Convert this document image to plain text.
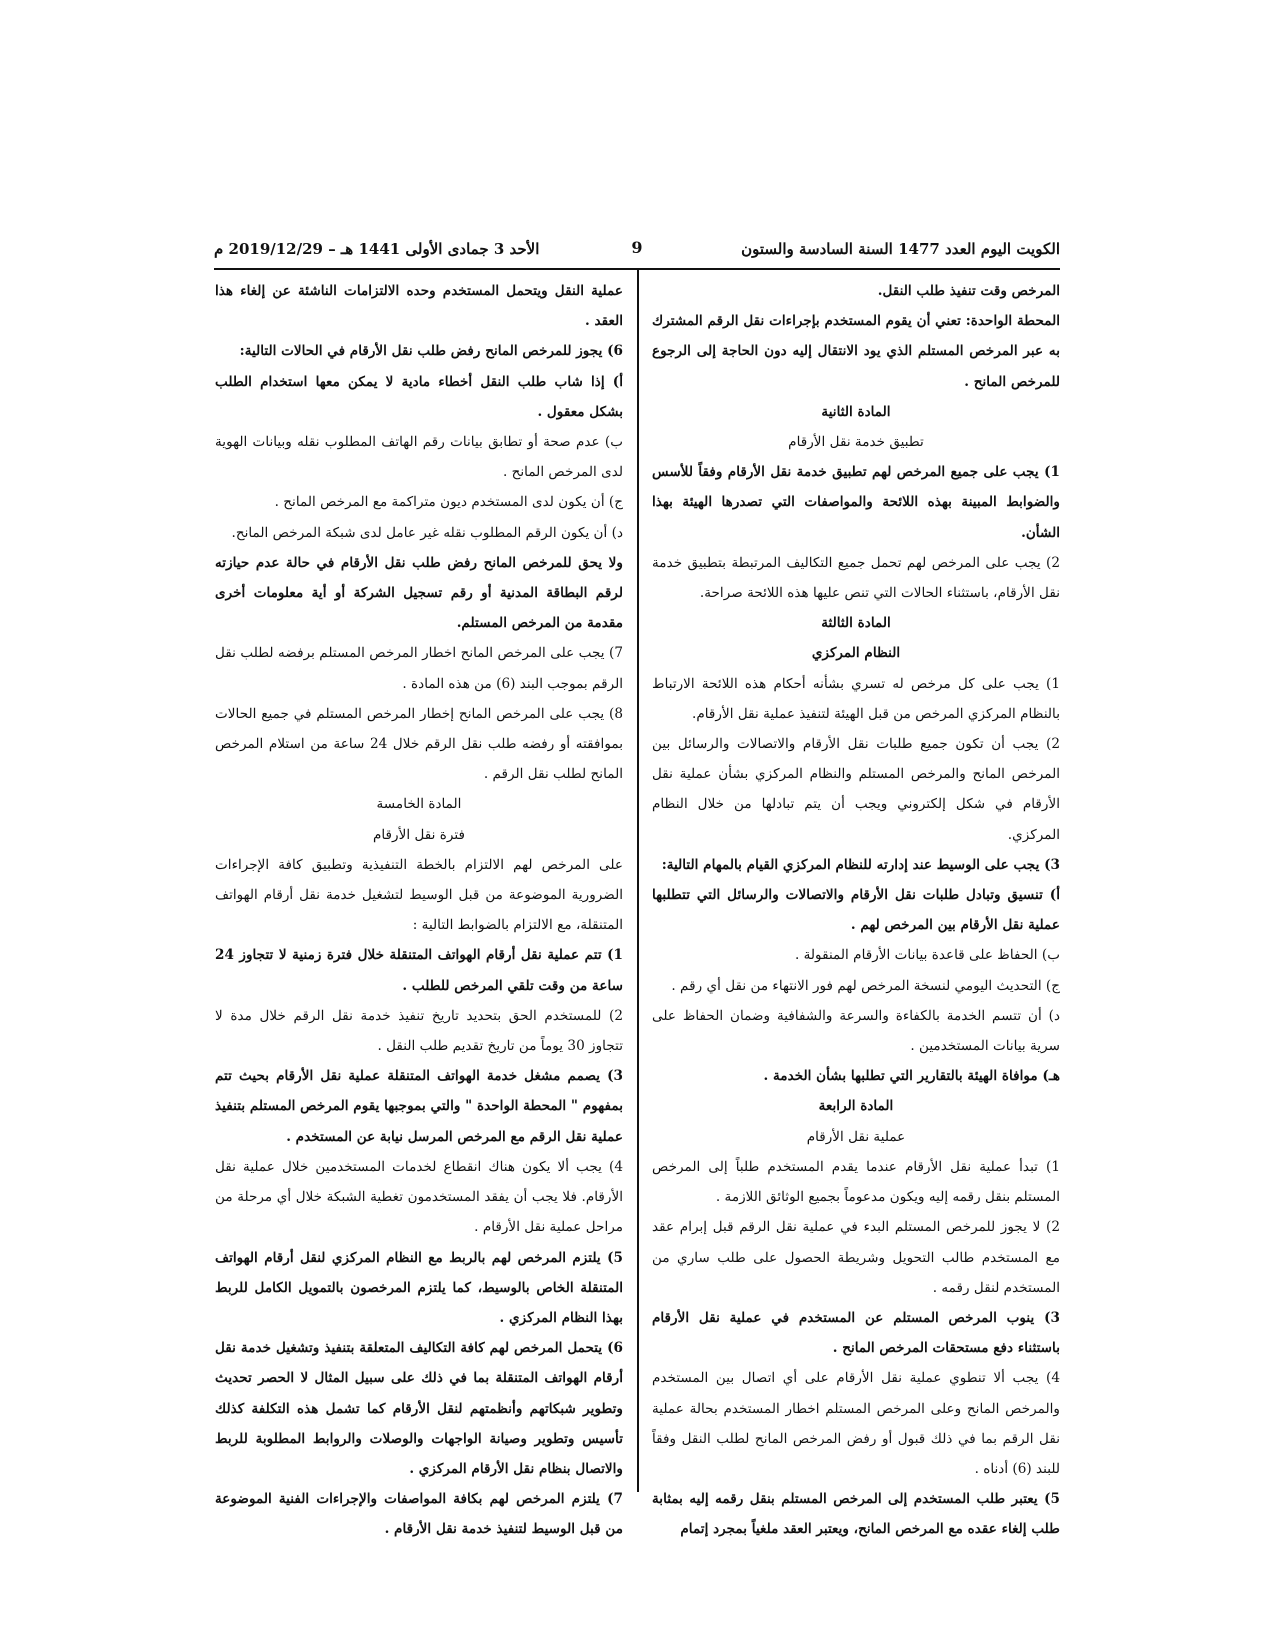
الكويت اليوم العدد 1477 السنة السادسة والستون
9
الأحد 3 جمادى الأولى 1441 هـ – 2019/12/29 م

المرخص وقت تنفيذ طلب النقل.

المحطة الواحدة: تعني أن يقوم المستخدم بإجراءات نقل الرقم المشترك به عبر المرخص المستلم الذي يود الانتقال إليه دون الحاجة إلى الرجوع للمرخص المانح .

المادة الثانية

تطبيق خدمة نقل الأرقام

1) يجب على جميع المرخص لهم تطبيق خدمة نقل الأرقام وفقاً للأسس والضوابط المبينة بهذه اللائحة والمواصفات التي تصدرها الهيئة بهذا الشأن.

2) يجب على المرخص لهم تحمل جميع التكاليف المرتبطة بتطبيق خدمة نقل الأرقام، باستثناء الحالات التي تنص عليها هذه اللائحة صراحة.

المادة الثالثة

النظام المركزي

1) يجب على كل مرخص له تسري بشأنه أحكام هذه اللائحة الارتباط بالنظام المركزي المرخص من قبل الهيئة لتنفيذ عملية نقل الأرقام.

2) يجب أن تكون جميع طلبات نقل الأرقام والاتصالات والرسائل بين المرخص المانح والمرخص المستلم والنظام المركزي بشأن عملية نقل الأرقام في شكل إلكتروني ويجب أن يتم تبادلها من خلال النظام المركزي.

3) يجب على الوسيط عند إدارته للنظام المركزي القيام بالمهام التالية:

أ) تنسيق وتبادل طلبات نقل الأرقام والاتصالات والرسائل التي تتطلبها عملية نقل الأرقام بين المرخص لهم .

ب) الحفاظ على قاعدة بيانات الأرقام المنقولة .

ج) التحديث اليومي لنسخة المرخص لهم فور الانتهاء من نقل أي رقم .

د) أن تتسم الخدمة بالكفاءة والسرعة والشفافية وضمان الحفاظ على سرية بيانات المستخدمين .

هـ) موافاة الهيئة بالتقارير التي تطلبها بشأن الخدمة .

المادة الرابعة

عملية نقل الأرقام

1) تبدأ عملية نقل الأرقام عندما يقدم المستخدم طلباً إلى المرخص المستلم بنقل رقمه إليه ويكون مدعوماً بجميع الوثائق اللازمة .

2) لا يجوز للمرخص المستلم البدء في عملية نقل الرقم قبل إبرام عقد مع المستخدم طالب التحويل وشريطة الحصول على طلب ساري من المستخدم لنقل رقمه .

3) ينوب المرخص المستلم عن المستخدم في عملية نقل الأرقام باستثناء دفع مستحقات المرخص المانح .

4) يجب ألا تنطوي عملية نقل الأرقام على أي اتصال بين المستخدم والمرخص المانح وعلى المرخص المستلم اخطار المستخدم بحالة عملية نقل الرقم بما في ذلك قبول أو رفض المرخص المانح لطلب النقل وفقاً للبند (6) أدناه .

5) يعتبر طلب المستخدم إلى المرخص المستلم بنقل رقمه إليه بمثابة طلب إلغاء عقده مع المرخص المانح، ويعتبر العقد ملغياً بمجرد إتمام

عملية النقل ويتحمل المستخدم وحده الالتزامات الناشئة عن إلغاء هذا العقد .

6) يجوز للمرخص المانح رفض طلب نقل الأرقام في الحالات التالية:

أ) إذا شاب طلب النقل أخطاء مادية لا يمكن معها استخدام الطلب بشكل معقول .

ب) عدم صحة أو تطابق بيانات رقم الهاتف المطلوب نقله وبيانات الهوية لدى المرخص المانح .

ج) أن يكون لدى المستخدم ديون متراكمة مع المرخص المانح .

د) أن يكون الرقم المطلوب نقله غير عامل لدى شبكة المرخص المانح.

ولا يحق للمرخص المانح رفض طلب نقل الأرقام في حالة عدم حيازته لرقم البطاقة المدنية أو رقم تسجيل الشركة أو أية معلومات أخرى مقدمة من المرخص المستلم.

7) يجب على المرخص المانح اخطار المرخص المستلم برفضه لطلب نقل الرقم بموجب البند (6) من هذه المادة .

8) يجب على المرخص المانح إخطار المرخص المستلم في جميع الحالات بموافقته أو رفضه طلب نقل الرقم خلال 24 ساعة من استلام المرخص المانح لطلب نقل الرقم .

المادة الخامسة

فترة نقل الأرقام

على المرخص لهم الالتزام بالخطة التنفيذية وتطبيق كافة الإجراءات الضرورية الموضوعة من قبل الوسيط لتشغيل خدمة نقل أرقام الهواتف المتنقلة، مع الالتزام بالضوابط التالية :

1) تتم عملية نقل أرقام الهواتف المتنقلة خلال فترة زمنية لا تتجاوز 24 ساعة من وقت تلقي المرخص للطلب .

2) للمستخدم الحق بتحديد تاريخ تنفيذ خدمة نقل الرقم خلال مدة لا تتجاوز 30 يوماً من تاريخ تقديم طلب النقل .

3) يصمم مشغل خدمة الهواتف المتنقلة عملية نقل الأرقام بحيث تتم بمفهوم " المحطة الواحدة " والتي بموجبها يقوم المرخص المستلم بتنفيذ عملية نقل الرقم مع المرخص المرسل نيابة عن المستخدم .

4) يجب ألا يكون هناك انقطاع لخدمات المستخدمين خلال عملية نقل الأرقام. فلا يجب أن يفقد المستخدمون تغطية الشبكة خلال أي مرحلة من مراحل عملية نقل الأرقام .

5) يلتزم المرخص لهم بالربط مع النظام المركزي لنقل أرقام الهواتف المتنقلة الخاص بالوسيط، كما يلتزم المرخصون بالتمويل الكامل للربط بهذا النظام المركزي .

6) يتحمل المرخص لهم كافة التكاليف المتعلقة بتنفيذ وتشغيل خدمة نقل أرقام الهواتف المتنقلة بما في ذلك على سبيل المثال لا الحصر تحديث وتطوير شبكاتهم وأنظمتهم لنقل الأرقام كما تشمل هذه التكلفة كذلك تأسيس وتطوير وصيانة الواجهات والوصلات والروابط المطلوبة للربط والاتصال بنظام نقل الأرقام المركزي .

7) يلتزم المرخص لهم بكافة المواصفات والإجراءات الفنية الموضوعة من قبل الوسيط لتنفيذ خدمة نقل الأرقام .
